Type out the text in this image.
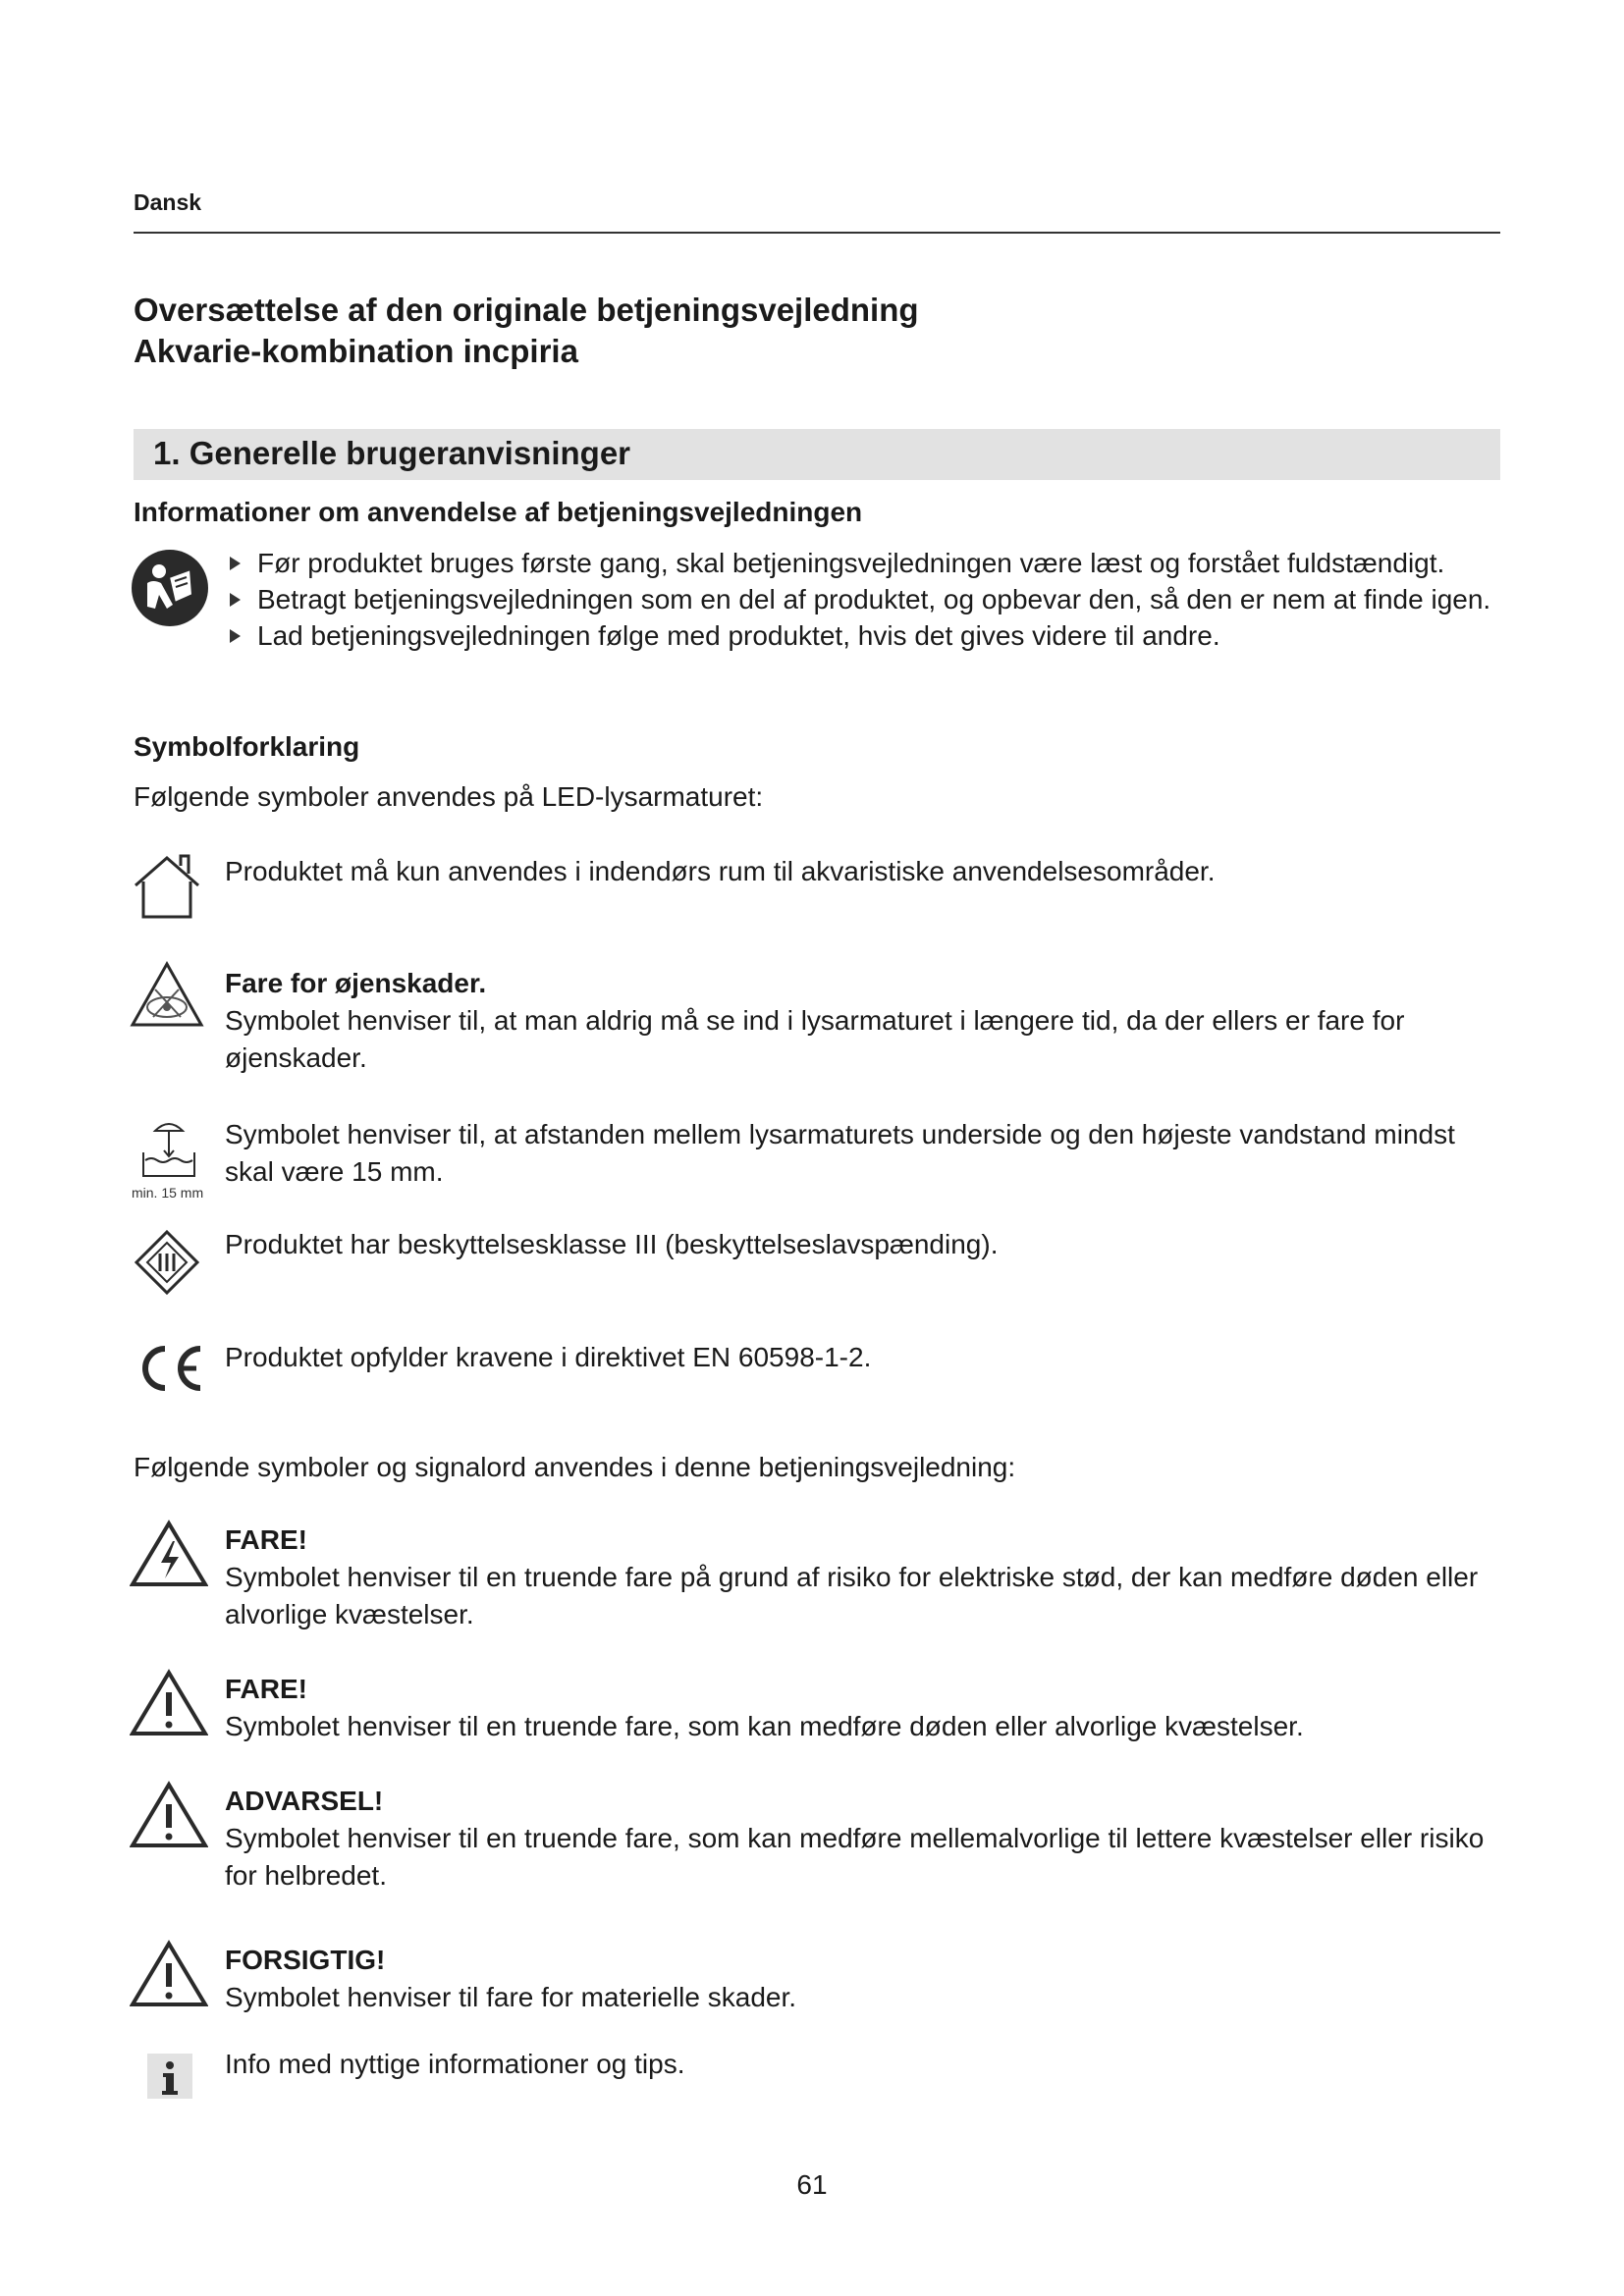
Dansk
Oversættelse af den originale betjeningsvejledning
Akvarie-kombination incpiria
1. Generelle brugeranvisninger
Informationer om anvendelse af betjeningsvejledningen
Før produktet bruges første gang, skal betjeningsvejledningen være læst og forstået fuldstændigt.
Betragt betjeningsvejledningen som en del af produktet, og opbevar den, så den er nem at finde igen.
Lad betjeningsvejledningen følge med produktet, hvis det gives videre til andre.
Symbolforklaring
Følgende symboler anvendes på LED-lysarmaturet:
Produktet må kun anvendes i indendørs rum til akvaristiske anvendelsesområder.
Fare for øjenskader.
Symbolet henviser til, at man aldrig må se ind i lysarmaturet i længere tid, da der ellers er fare for øjenskader.
min. 15 mm
Symbolet henviser til, at afstanden mellem lysarmaturets underside og den højeste vandstand mindst skal være 15 mm.
Produktet har beskyttelsesklasse III (beskyttelseslavspænding).
Produktet opfylder kravene i direktivet EN 60598-1-2.
Følgende symboler og signalord anvendes i denne betjeningsvejledning:
FARE!
Symbolet henviser til en truende fare på grund af risiko for elektriske stød, der kan medføre døden eller alvorlige kvæstelser.
FARE!
Symbolet henviser til en truende fare, som kan medføre døden eller alvorlige kvæstelser.
ADVARSEL!
Symbolet henviser til en truende fare, som kan medføre mellemalvorlige til lettere kvæstelser eller risiko for helbredet.
FORSIGTIG!
Symbolet henviser til fare for materielle skader.
Info med nyttige informationer og tips.
61
